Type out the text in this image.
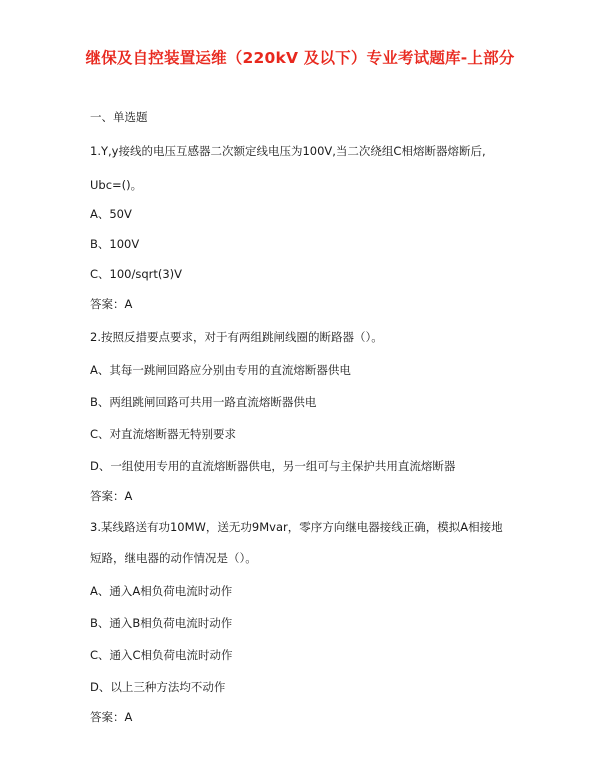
继保及自控装置运维（220kV 及以下）专业考试题库-上部分
一、单选题
1.Y,y接线的电压互感器二次额定线电压为100V,当二次绕组C相熔断器熔断后,
Ubc=()。
A、50V
B、100V
C、100/sqrt(3)V
答案：A
2.按照反措要点要求，对于有两组跳闸线圈的断路器（）。
A、其每一跳闸回路应分别由专用的直流熔断器供电
B、两组跳闸回路可共用一路直流熔断器供电
C、对直流熔断器无特别要求
D、一组使用专用的直流熔断器供电，另一组可与主保护共用直流熔断器
答案：A
3.某线路送有功10MW，送无功9Mvar，零序方向继电器接线正确，模拟A相接地
短路，继电器的动作情况是（）。
A、通入A相负荷电流时动作
B、通入B相负荷电流时动作
C、通入C相负荷电流时动作
D、以上三种方法均不动作
答案：A
